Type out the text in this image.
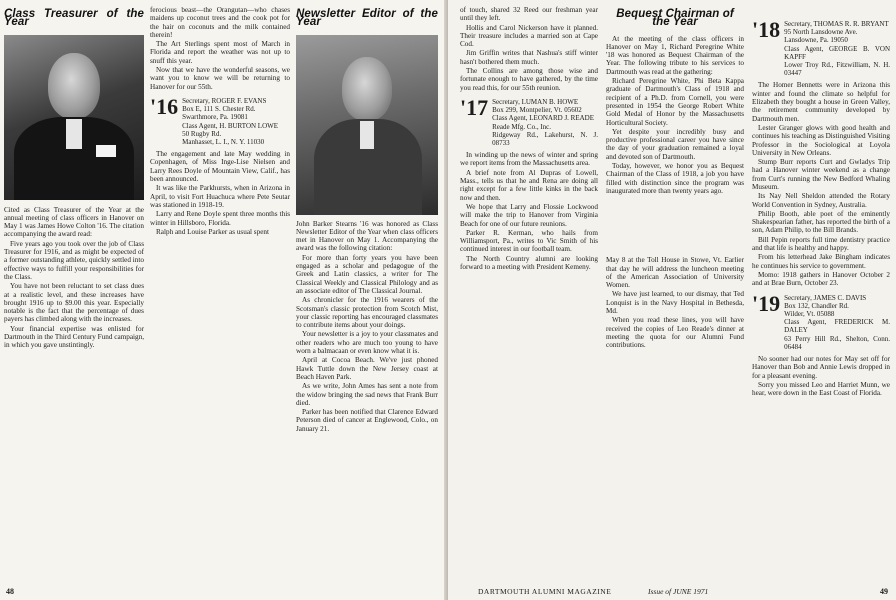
Class Treasurer of the Year

Cited as Class Treasurer of the Year at the annual meeting of class officers in Hanover on May 1 was James Howe Colton '16. The citation accompanying the award read:

Five years ago you took over the job of Class Treasurer for 1916, and as might be expected of a former outstanding athlete, quickly settled into effective ways to fulfill your responsibilities for the Class.

You have not been reluctant to set class dues at a realistic level, and these increases have brought 1916 up to $9.00 this year. Especially notable is the fact that the percentage of dues payers has climbed along with the increases.

Your financial expertise was enlisted for Dartmouth in the Third Century Fund campaign, in which you gave unstintingly.

ferocious beast—the Orangutan—who chases maidens up coconut trees and the cook pot for the hair on coconuts and the milk contained therein!

The Art Sterlings spent most of March in Florida and report the weather was not up to snuff this year.

Now that we have the wonderful seasons, we want you to know we will be returning to Hanover for our 55th.

'16 Secretary, ROGER F. EVANS
Box E, 111 S. Chester Rd.
Swarthmore, Pa. 19081
Class Agent, H. BURTON LOWE
50 Rugby Rd.
Manhasset, L. I., N. Y. 11030

The engagement and late May wedding in Copenhagen, of Miss Inge-Lise Nielsen and Larry Rees Doyle of Mountain View, Calif., has been announced.

It was like the Parkhursts, when in Arizona in April, to visit Fort Huachuca where Pete Seutar was stationed in 1918-19.

Larry and Rene Doyle spent three months this winter in Hillsboro, Florida.

Ralph and Louise Parker as usual spent

Newsletter Editor of the Year

John Barker Stearns '16 was honored as Class Newsletter Editor of the Year when class officers met in Hanover on May 1. Accompanying the award was the following citation:

For more than forty years you have been engaged as a scholar and pedagogue of the Greek and Latin classics, a writer for The Classical Weekly and Classical Philology and as an associate editor of The Classical Journal.

As chronicler for the 1916 wearers of the Scotsman's classic protection from Scotch Mist, your classic reporting has encouraged classmates to contribute items about your doings.

Your newsletter is a joy to your classmates and other readers who are much too young to have worn a balmacaan or even know what it is.

April at Cocoa Beach. We've just phoned Hawk Tuttle down the New Jersey coast at Beach Haven Park.

As we write, John Ames has sent a note from the widow bringing the sad news that Frank Burr died.

Parker has been notified that Clarence Edward Peterson died of cancer at Englewood, Colo., on January 21.

48

of touch, shared 32 Reed our freshman year until they left.

Hollis and Carol Nickerson have it planned. Their treasure includes a married son at Cape Cod.

Jim Griffin writes that Nashua's stiff winter hasn't bothered them much.

The Collins are among those wise and fortunate enough to have gathered, by the time you read this, for our 55th reunion.

'17 Secretary, LUMAN B. HOWE
Box 299, Montpelier, Vt. 05602
Class Agent, LEONARD J. READE
Reade Mfg. Co., Inc.
Ridgeway Rd., Lakehurst, N. J. 08733

In winding up the news of winter and spring we report items from the Massachusetts area.

A brief note from Al Dupras of Lowell, Mass., tells us that he and Rena are doing all right except for a few little kinks in the back now and then.

We hope that Larry and Flossie Lockwood will make the trip to Hanover from Virginia Beach for one of our future reunions.

Parker R. Kerman, who hails from Williamsport, Pa., writes to Vic Smith of his continued interest in our football team.

The North Country alumni are looking forward to a meeting with President Kemeny.

Bequest Chairman of the Year

At the meeting of the class officers in Hanover on May 1, Richard Peregrine White '18 was honored as Bequest Chairman of the Year. The following tribute to his services to Dartmouth was read at the gathering:

Richard Peregrine White, Phi Beta Kappa graduate of Dartmouth's Class of 1918 and recipient of a Ph.D. from Cornell, you were presented in 1954 the George Robert White Gold Medal of Honor by the Massachusetts Horticultural Society.

Yet despite your incredibly busy and productive professional career you have since the day of your graduation remained a loyal and devoted son of Dartmouth.

Today, however, we honor you as Bequest Chairman of the Class of 1918, a job you have filled with distinction since the program was inaugurated more than twenty years ago.

May 8 at the Toll House in Stowe, Vt. Earlier that day he will address the luncheon meeting of the American Association of University Women.

We have just learned, to our dismay, that Ted Lonquist is in the Navy Hospital in Bethesda, Md.

When you read these lines, you will have received the copies of Leo Reade's dinner at meeting the quota for our Alumni Fund contributions.

'18 Secretary, THOMAS R. R. BRYANT
95 North Lansdowne Ave.
Lansdowne, Pa. 19050
Class Agent, GEORGE B. VON KAPFF
Lower Troy Rd., Fitzwilliam, N. H. 03447

The Homer Bennetts were in Arizona this winter and found the climate so helpful for Elizabeth they bought a house in Green Valley, the retirement community developed by Dartmouth men.

Lester Granger glows with good health and continues his teaching as Distinguished Visiting Professor in the Sociological at Loyola University in New Orleans.

Stump Burr reports Curt and Gwladys Trip had a Hanover winter weekend as a change from Curt's running the New Bedford Whaling Museum.

Its Nay Nell Sheldon attended the Rotary World Convention in Sydney, Australia.

Philip Booth, able poet of the eminently Shakespearian father, has reported the birth of a son, Adam Philip, to the Bill Brands.

Bill Pepin reports full time dentistry practice and that life is healthy and happy.

From his letterhead Jake Bingham indicates he continues his service to government.

Momo: 1918 gathers in Hanover October 2 and at Brae Burn, October 23.

'19 Secretary, JAMES C. DAVIS
Box 132, Chandler Rd.
Wilder, Vt. 05088
Class Agent, FREDERICK M. DALEY
63 Perry Hill Rd., Shelton, Conn. 06484

No sooner had our notes for May set off for Hanover than Bob and Annie Lewis dropped in for a pleasant evening.

Sorry you missed Leo and Harriet Munn, we hear, were down in the East Coast of Florida.

DARTMOUTH ALUMNI MAGAZINE	Issue of JUNE 1971	49
